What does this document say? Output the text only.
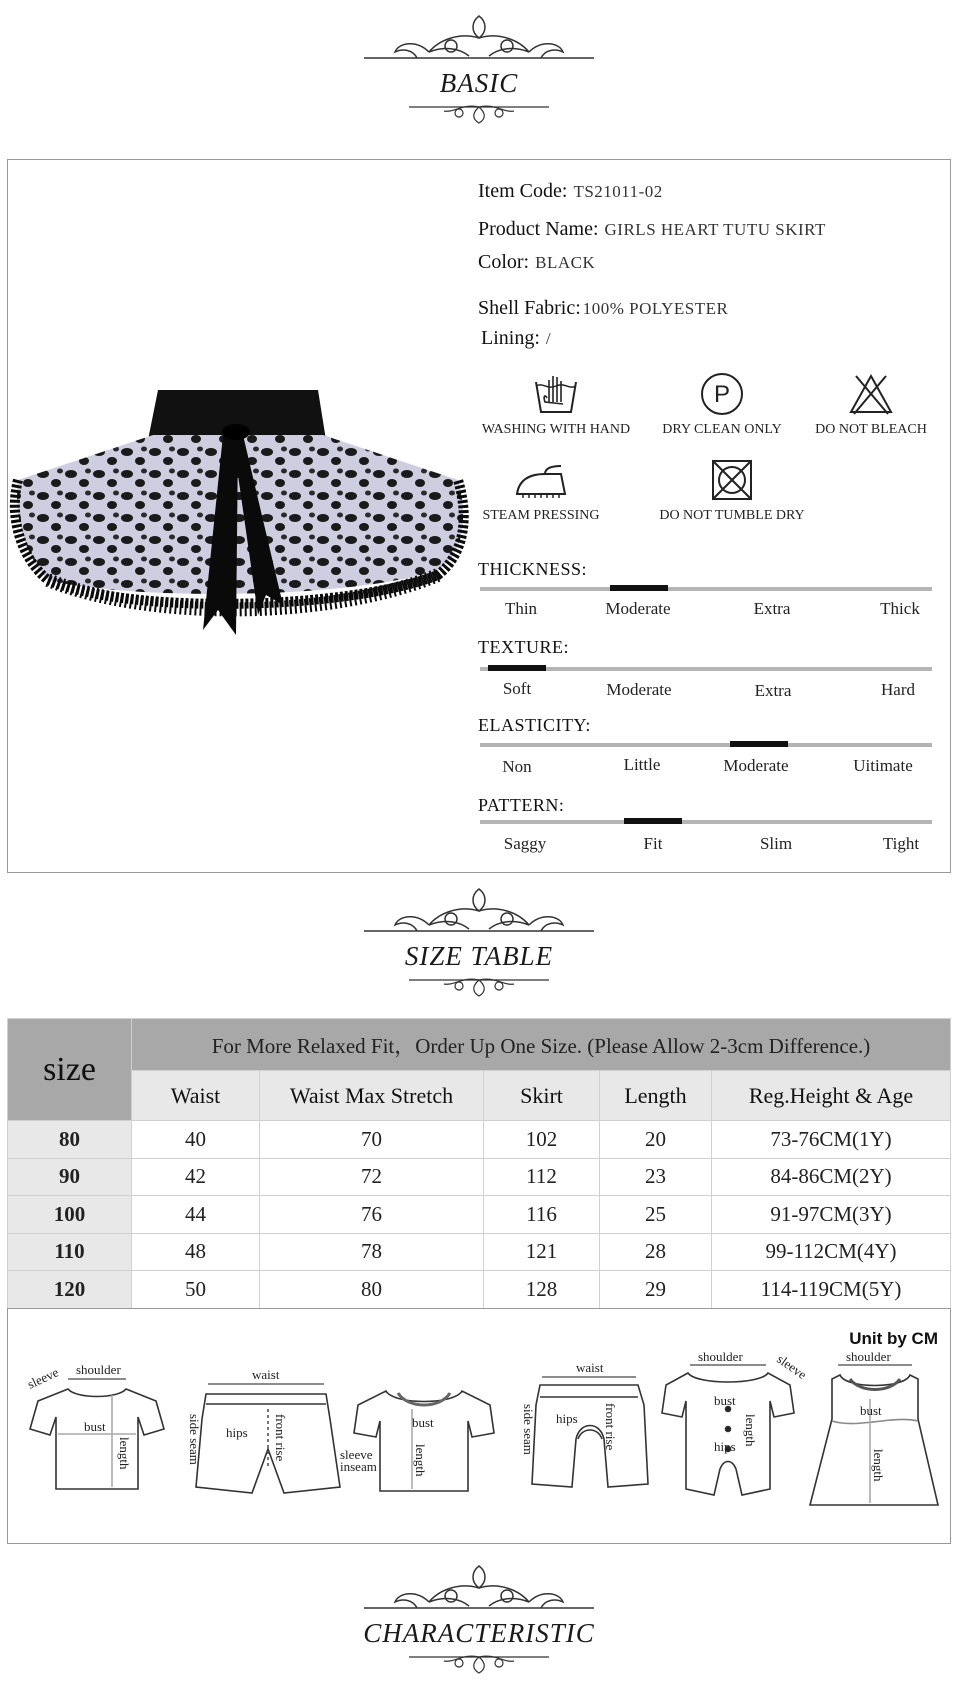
BASIC
Item Code: TS21011-02
Product Name: GIRLS HEART TUTU SKIRT
Color: BLACK
Shell Fabric: 100% POLYESTER
Lining: /
WASHING WITH HAND
P
DRY CLEAN ONLY	DO NOT BLEACH
STEAM PRESSING	DO NOT TUMBLE DRY
THICKNESS:
Thin	Moderate	Extra	Thick
TEXTURE:
Soft	Moderate	Extra	Hard
ELASTICITY:
Non	Little	Moderate	Uitimate
PATTERN:
Saggy	Fit	Slim	Tight
SIZE TABLE
size	For More Relaxed Fit，Order Up One Size. (Please Allow 2-3cm Difference.)				
	Waist	Waist Max Stretch	Skirt	Length	Reg.Height & Age
80	40	70	102	20	73-76CM(1Y)
90	42	72	112	23	84-86CM(2Y)
100	44	76	116	25	91-97CM(3Y)
110	48	78	121	28	99-112CM(4Y)
120	50	80	128	29	114-119CM(5Y)
Unit by CM
sleeve shoulder
bust
length
waist
hips
side seam	front rise	bust
length
sleeve
inseam
waist
hips
side seam	front rise
shoulder sleeve
bust
hips length
shoulder
bust
length
CHARACTERISTIC
